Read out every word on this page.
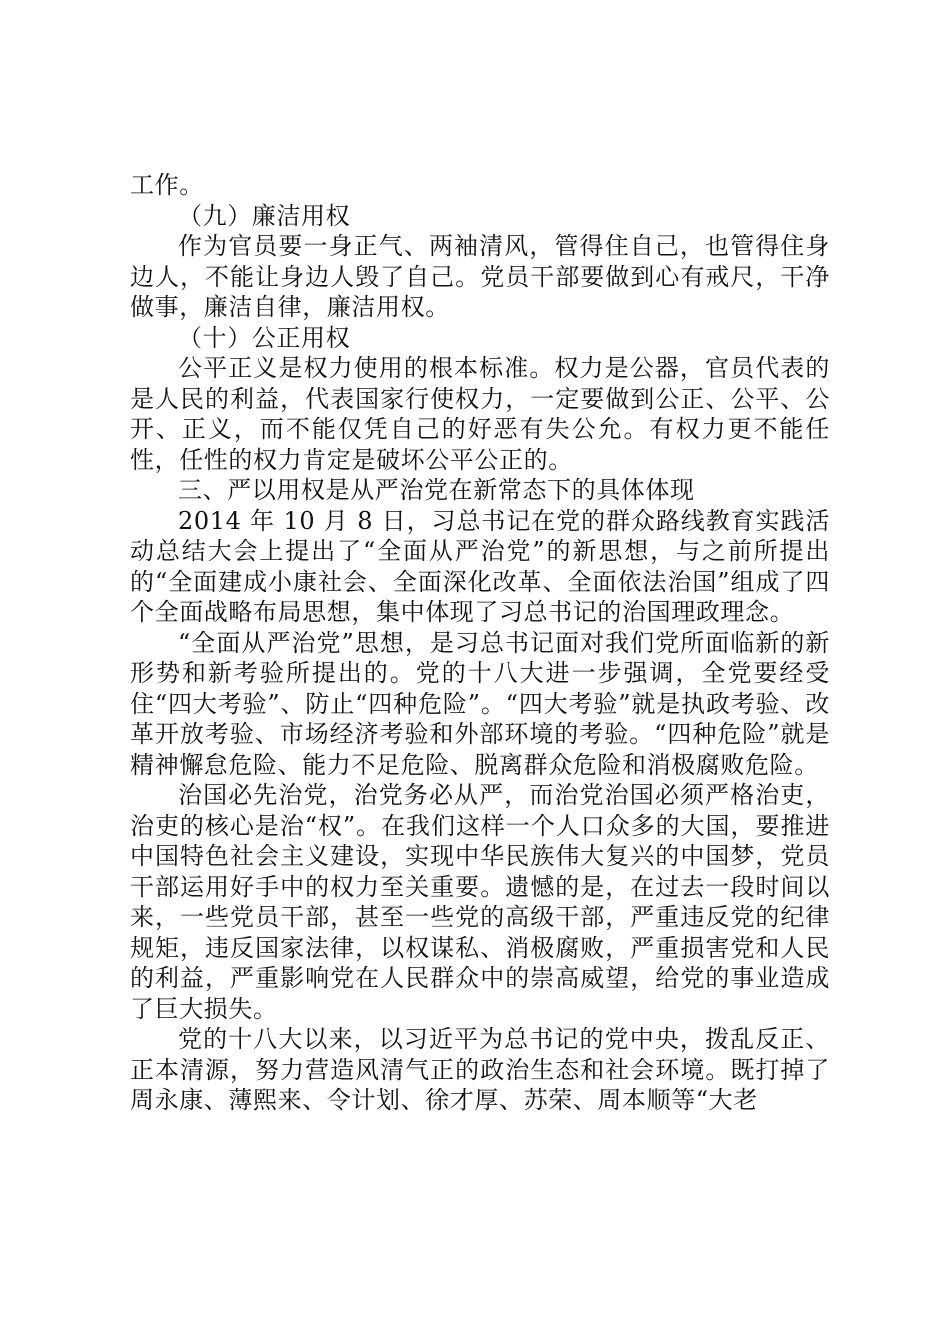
工作。

（九）廉洁用权

作为官员要一身正气、两袖清风，管得住自己，也管得住身边人，不能让身边人毁了自己。党员干部要做到心有戒尺，干净做事，廉洁自律，廉洁用权。

（十）公正用权

公平正义是权力使用的根本标准。权力是公器，官员代表的是人民的利益，代表国家行使权力，一定要做到公正、公平、公开、正义，而不能仅凭自己的好恶有失公允。有权力更不能任性，任性的权力肯定是破坏公平公正的。

三、严以用权是从严治党在新常态下的具体体现

2014 年 10 月 8 日，习总书记在党的群众路线教育实践活动总结大会上提出了“全面从严治党”的新思想，与之前所提出的“全面建成小康社会、全面深化改革、全面依法治国”组成了四个全面战略布局思想，集中体现了习总书记的治国理政理念。

“全面从严治党”思想，是习总书记面对我们党所面临新的新形势和新考验所提出的。党的十八大进一步强调，全党要经受住“四大考验”、防止“四种危险”。“四大考验”就是执政考验、改革开放考验、市场经济考验和外部环境的考验。“四种危险”就是精神懈怠危险、能力不足危险、脱离群众危险和消极腐败危险。

治国必先治党，治党务必从严，而治党治国必须严格治吏，治吏的核心是治“权”。在我们这样一个人口众多的大国，要推进中国特色社会主义建设，实现中华民族伟大复兴的中国梦，党员干部运用好手中的权力至关重要。遗憾的是，在过去一段时间以来，一些党员干部，甚至一些党的高级干部，严重违反党的纪律规矩，违反国家法律，以权谋私、消极腐败，严重损害党和人民的利益，严重影响党在人民群众中的崇高威望，给党的事业造成了巨大损失。

党的十八大以来，以习近平为总书记的党中央，拨乱反正、正本清源，努力营造风清气正的政治生态和社会环境。既打掉了周永康、薄熙来、令计划、徐才厚、苏荣、周本顺等“大老
